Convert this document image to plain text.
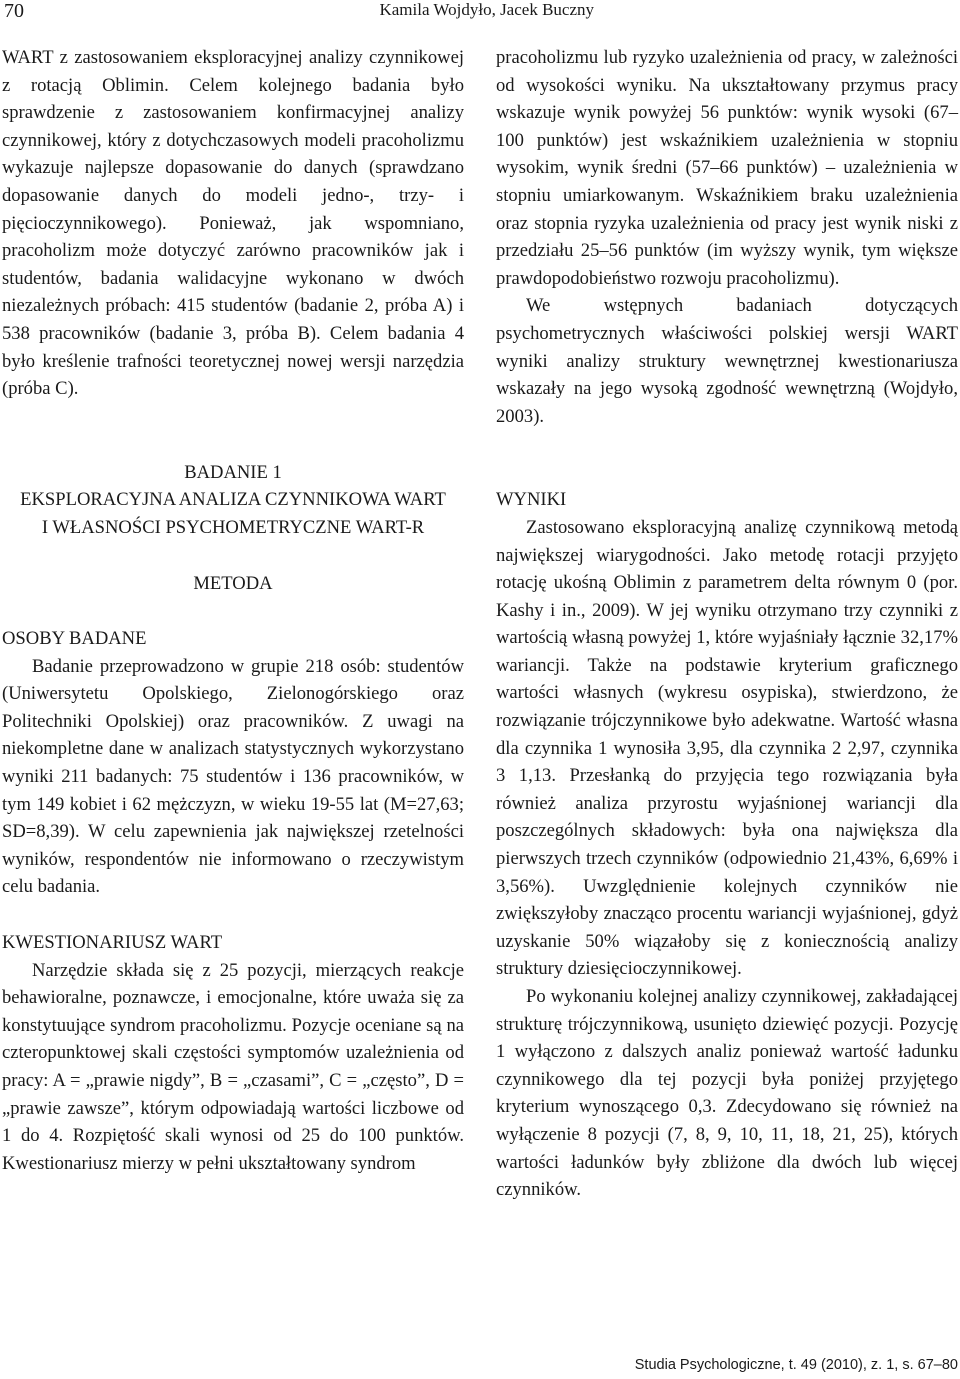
70	Kamila Wojdyło, Jacek Buczny

WART z zastosowaniem eksploracyjnej analizy czynnikowej z rotacją Oblimin. Celem kolejnego badania było sprawdzenie z zastosowaniem konfirmacyjnej analizy czynnikowej, który z dotychczasowych modeli pracoholizmu wykazuje najlepsze dopasowanie do danych (sprawdzano dopasowanie danych do modeli jedno-, trzy- i pięcioczynnikowego). Ponieważ, jak wspomniano, pracoholizm może dotyczyć zarówno pracowników jak i studentów, badania walidacyjne wykonano w dwóch niezależnych próbach: 415 studentów (badanie 2, próba A) i 538 pracowników (badanie 3, próba B). Celem badania 4 było kreślenie trafności teoretycznej nowej wersji narzędzia (próba C).

BADANIE 1
EKSPLORACYJNA ANALIZA CZYNNIKOWA WART
I WŁASNOŚCI PSYCHOMETRYCZNE WART-R
METODA
OSOBY BADANE

Badanie przeprowadzono w grupie 218 osób: studentów (Uniwersytetu Opolskiego, Zielonogórskiego oraz Politechniki Opolskiej) oraz pracowników. Z uwagi na niekompletne dane w analizach statystycznych wykorzystano wyniki 211 badanych: 75 studentów i 136 pracowników, w tym 149 kobiet i 62 mężczyzn, w wieku 19-55 lat (M=27,63; SD=8,39). W celu zapewnienia jak największej rzetelności wyników, respondentów nie informowano o rzeczywistym celu badania.

KWESTIONARIUSZ WART

Narzędzie składa się z 25 pozycji, mierzących reakcje behawioralne, poznawcze, i emocjonalne, które uważa się za konstytuujące syndrom pracoholizmu. Pozycje oceniane są na czteropunktowej skali częstości symptomów uzależnienia od pracy: A = „prawie nigdy”, B = „czasami”, C = „często”, D = „prawie zawsze”, którym odpowiadają wartości liczbowe od 1 do 4. Rozpiętość skali wynosi od 25 do 100 punktów. Kwestionariusz mierzy w pełni ukształtowany syndrom

pracoholizmu lub ryzyko uzależnienia od pracy, w zależności od wysokości wyniku. Na ukształtowany przymus pracy wskazuje wynik powyżej 56 punktów: wynik wysoki (67–100 punktów) jest wskaźnikiem uzależnienia w stopniu wysokim, wynik średni (57–66 punktów) – uzależnienia w stopniu umiarkowanym. Wskaźnikiem braku uzależnienia oraz stopnia ryzyka uzależnienia od pracy jest wynik niski z przedziału 25–56 punktów (im wyższy wynik, tym większe prawdopodobieństwo rozwoju pracoholizmu).

We wstępnych badaniach dotyczących psychometrycznych właściwości polskiej wersji WART wyniki analizy struktury wewnętrznej kwestionariusza wskazały na jego wysoką zgodność wewnętrzną (Wojdyło, 2003).

WYNIKI

Zastosowano eksploracyjną analizę czynnikową metodą największej wiarygodności. Jako metodę rotacji przyjęto rotację ukośną Oblimin z parametrem delta równym 0 (por. Kashy i in., 2009). W jej wyniku otrzymano trzy czynniki z wartością własną powyżej 1, które wyjaśniały łącznie 32,17% wariancji. Także na podstawie kryterium graficznego wartości własnych (wykresu osypiska), stwierdzono, że rozwiązanie trójczynnikowe było adekwatne. Wartość własna dla czynnika 1 wynosiła 3,95, dla czynnika 2 2,97, czynnika 3 1,13. Przesłanką do przyjęcia tego rozwiązania była również analiza przyrostu wyjaśnionej wariancji dla poszczególnych składowych: była ona największa dla pierwszych trzech czynników (odpowiednio 21,43%, 6,69% i 3,56%). Uwzględnienie kolejnych czynników nie zwiększyłoby znacząco procentu wariancji wyjaśnionej, gdyż uzyskanie 50% wiązałoby się z koniecznością analizy struktury dziesięcioczynnikowej.

Po wykonaniu kolejnej analizy czynnikowej, zakładającej strukturę trójczynnikową, usunięto dziewięć pozycji. Pozycję 1 wyłączono z dalszych analiz ponieważ wartość ładunku czynnikowego dla tej pozycji była poniżej przyjętego kryterium wynoszącego 0,3. Zdecydowano się również na wyłączenie 8 pozycji (7, 8, 9, 10, 11, 18, 21, 25), których wartości ładunków były zbliżone dla dwóch lub więcej czynników.

Studia Psychologiczne, t. 49 (2010), z. 1, s. 67–80
